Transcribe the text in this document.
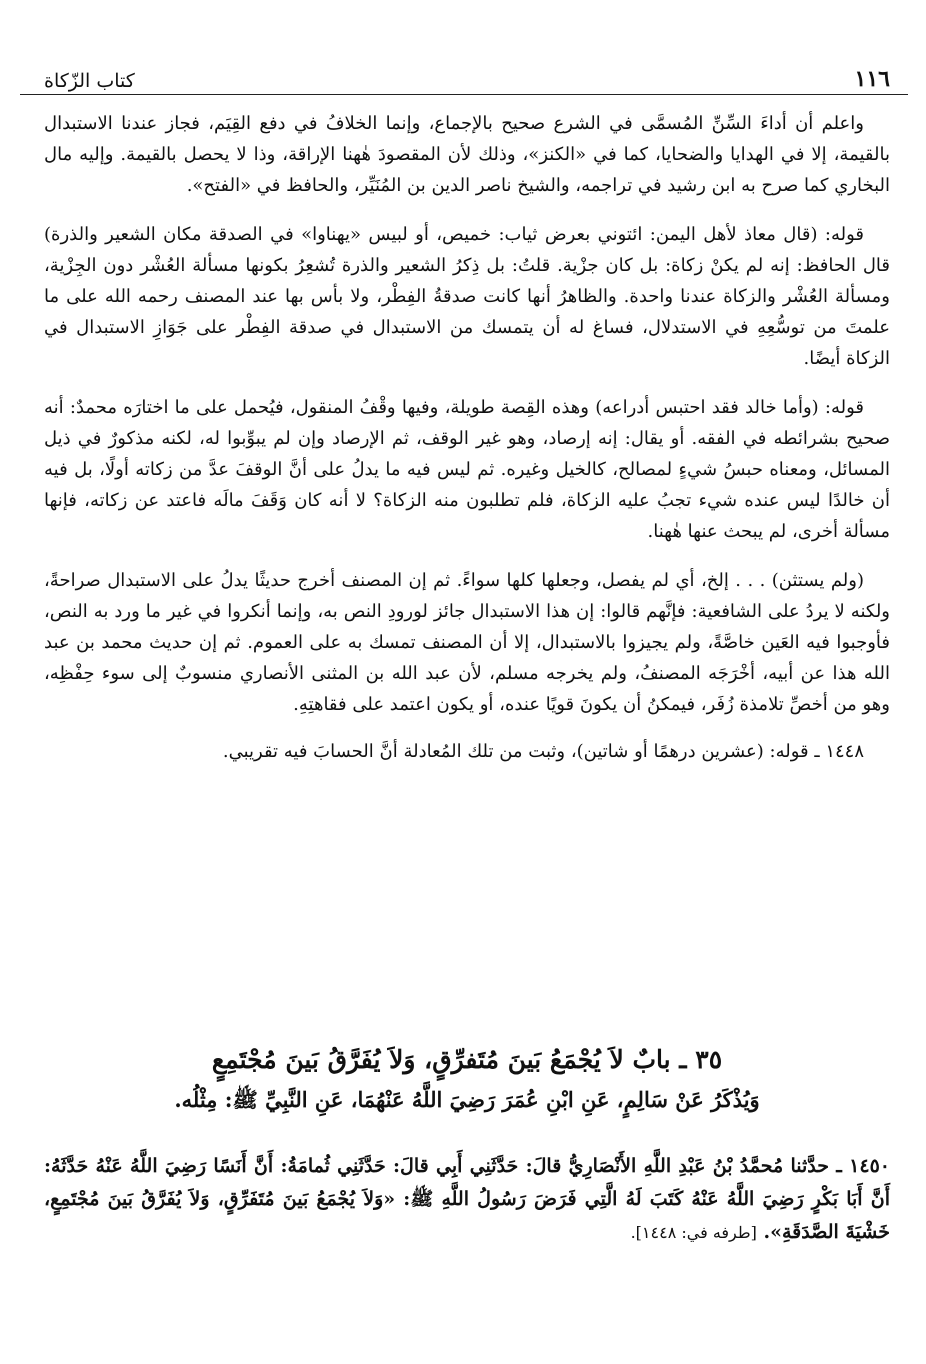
١١٦
كتاب الزّكاة

واعلم أن أداءَ السِّنِّ المُسمَّى في الشرع صحيح بالإجماع، وإنما الخلافُ في دفع القِيَم، فجاز عندنا الاستبدال بالقيمة، إلا في الهدايا والضحايا، كما في «الكنز»، وذلك لأن المقصودَ هٰهنا الإراقة، وذا لا يحصل بالقيمة. وإليه مال البخاري كما صرح به ابن رشيد في تراجمه، والشيخ ناصر الدين بن المُنَيِّر، والحافظ في «الفتح».

قوله: (قال معاذ لأهل اليمن: ائتوني بعرض ثياب: خميص، أو لبيس «يهناوا» في الصدقة مكان الشعير والذرة) قال الحافظ: إنه لم يكنْ زكاة: بل كان جزْية. قلتُ: بل ذِكرُ الشعير والذرة تُشعِرُ بكونها مسألة العُشْر دون الجِزْية، ومسألة العُشْر والزكاة عندنا واحدة. والظاهرُ أنها كانت صدقةُ الفِطْر، ولا بأس بها عند المصنف رحمه الله على ما علمتَ من توسُّعِهِ في الاستدلال، فساغ له أن يتمسك من الاستبدال في صدقة الفِطْر على جَوَازِ الاستبدال في الزكاة أيضًا.

قوله: (وأما خالد فقد احتبس أدراعه) وهذه القِصة طويلة، وفيها وقْفُ المنقول، فيُحمل على ما اختارَه محمدٌ: أنه صحيح بشرائطه في الفقه. أو يقال: إنه إرصاد، وهو غير الوقف، ثم الإرصاد وإن لم يبوِّبوا له، لكنه مذكورٌ في ذيل المسائل، ومعناه حبسُ شيءٍ لمصالح، كالخيل وغيره. ثم ليس فيه ما يدلُ على أنَّ الوقفَ عدَّ من زكاته أولًا، بل فيه أن خالدًا ليس عنده شيء تجبُ عليه الزكاة، فلم تطلبون منه الزكاة؟ لا أنه كان وَقَفَ مالَه فاعتد عن زكاته، فإنها مسألة أخرى، لم يبحث عنها هٰهنا.

(ولم يستثن) . . . إلخ، أي لم يفصل، وجعلها كلها سواءً. ثم إن المصنف أخرج حديثًا يدلُ على الاستبدال صراحةً، ولكنه لا يردُ على الشافعية: فإنَّهم قالوا: إن هذا الاستبدال جائز لورودِ النص به، وإنما أنكروا في غير ما ورد به النص، فأوجبوا فيه العَين خاصَّةً، ولم يجيزوا بالاستبدال، إلا أن المصنف تمسك به على العموم. ثم إن حديث محمد بن عبد الله هذا عن أبيه، أخْرَجَه المصنفُ، ولم يخرجه مسلم، لأن عبد الله بن المثنى الأنصاري منسوبٌ إلى سوء حِفْظِه، وهو من أخصِّ تلامذة زُفَر، فيمكنُ أن يكونَ قويًا عنده، أو يكون اعتمد على فقاهتِهِ.

١٤٤٨ ـ قوله: (عشرين درهمًا أو شاتين)، وثبت من تلك المُعادلة أنَّ الحسابَ فيه تقريبي.

٣٥ ـ بابٌ لاَ يُجْمَعُ بَينَ مُتَفرِّقٍ، وَلاَ يُفَرَّقُ بَينَ مُجْتَمِعٍ

وَيُذْكَرُ عَنْ سَالِمٍ، عَنِ ابْنِ عُمَرَ رَضِيَ اللَّهُ عَنْهُمَا، عَنِ النَّبِيِّ ﷺ: مِثْلُه.

١٤٥٠ ـ حدَّثنا مُحمَّدُ بْنُ عَبْدِ اللَّهِ الأَنْصَارِيُّ قالَ: حَدَّثَنِي أَبِي قالَ: حَدَّثَنِي ثُمامَةُ: أَنَّ أَنَسًا رَضِيَ اللَّهُ عَنْهُ حَدَّثَهُ: أَنَّ أَبَا بَكْرٍ رَضِيَ اللَّهُ عَنْهُ كَتَبَ لَهُ الَّتِي فَرَضَ رَسُولُ اللَّهِ ﷺ: «وَلاَ يُجْمَعُ بَينَ مُتَفَرِّقٍ، وَلاَ يُفَرَّقُ بَينَ مُجْتَمِعٍ، خَشْيَةَ الصَّدَقَةِ». [طرفه في: ١٤٤٨].
